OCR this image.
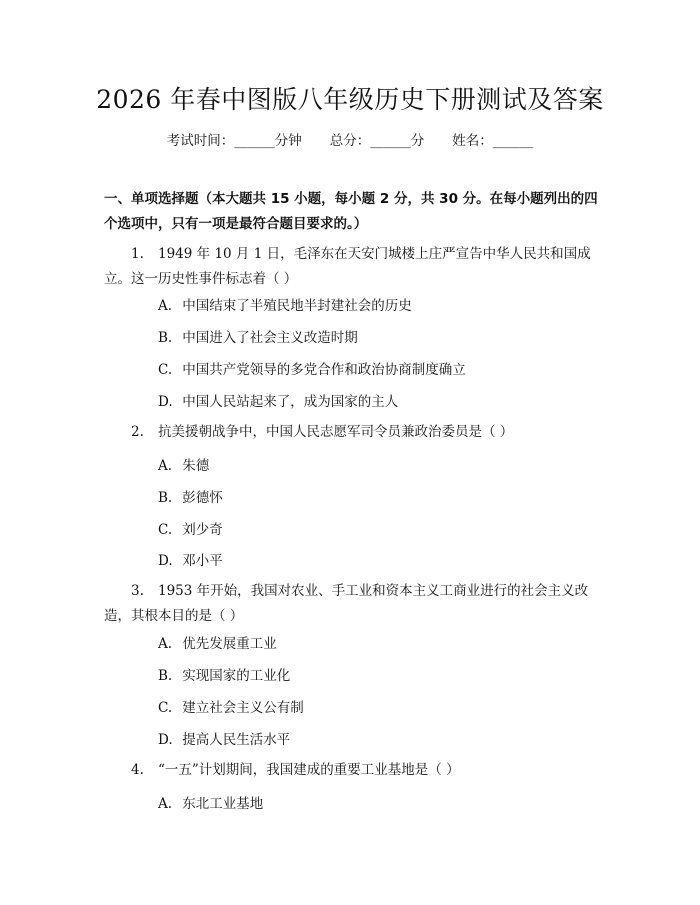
2026 年春中图版八年级历史下册测试及答案
考试时间：______分钟 总分：______分 姓名：______
一、单项选择题（本大题共 15 小题，每小题 2 分，共 30 分。在每小题列出的四个选项中，只有一项是最符合题目要求的。）
1. 1949 年 10 月 1 日，毛泽东在天安门城楼上庄严宣告中华人民共和国成
立。这一历史性事件标志着（ ）
A. 中国结束了半殖民地半封建社会的历史
B. 中国进入了社会主义改造时期
C. 中国共产党领导的多党合作和政治协商制度确立
D. 中国人民站起来了，成为国家的主人
2. 抗美援朝战争中，中国人民志愿军司令员兼政治委员是（ ）
A. 朱德
B. 彭德怀
C. 刘少奇
D. 邓小平
3. 1953 年开始，我国对农业、手工业和资本主义工商业进行的社会主义改
造，其根本目的是（ ）
A. 优先发展重工业
B. 实现国家的工业化
C. 建立社会主义公有制
D. 提高人民生活水平
4. “一五”计划期间，我国建成的重要工业基地是（ ）
A. 东北工业基地
